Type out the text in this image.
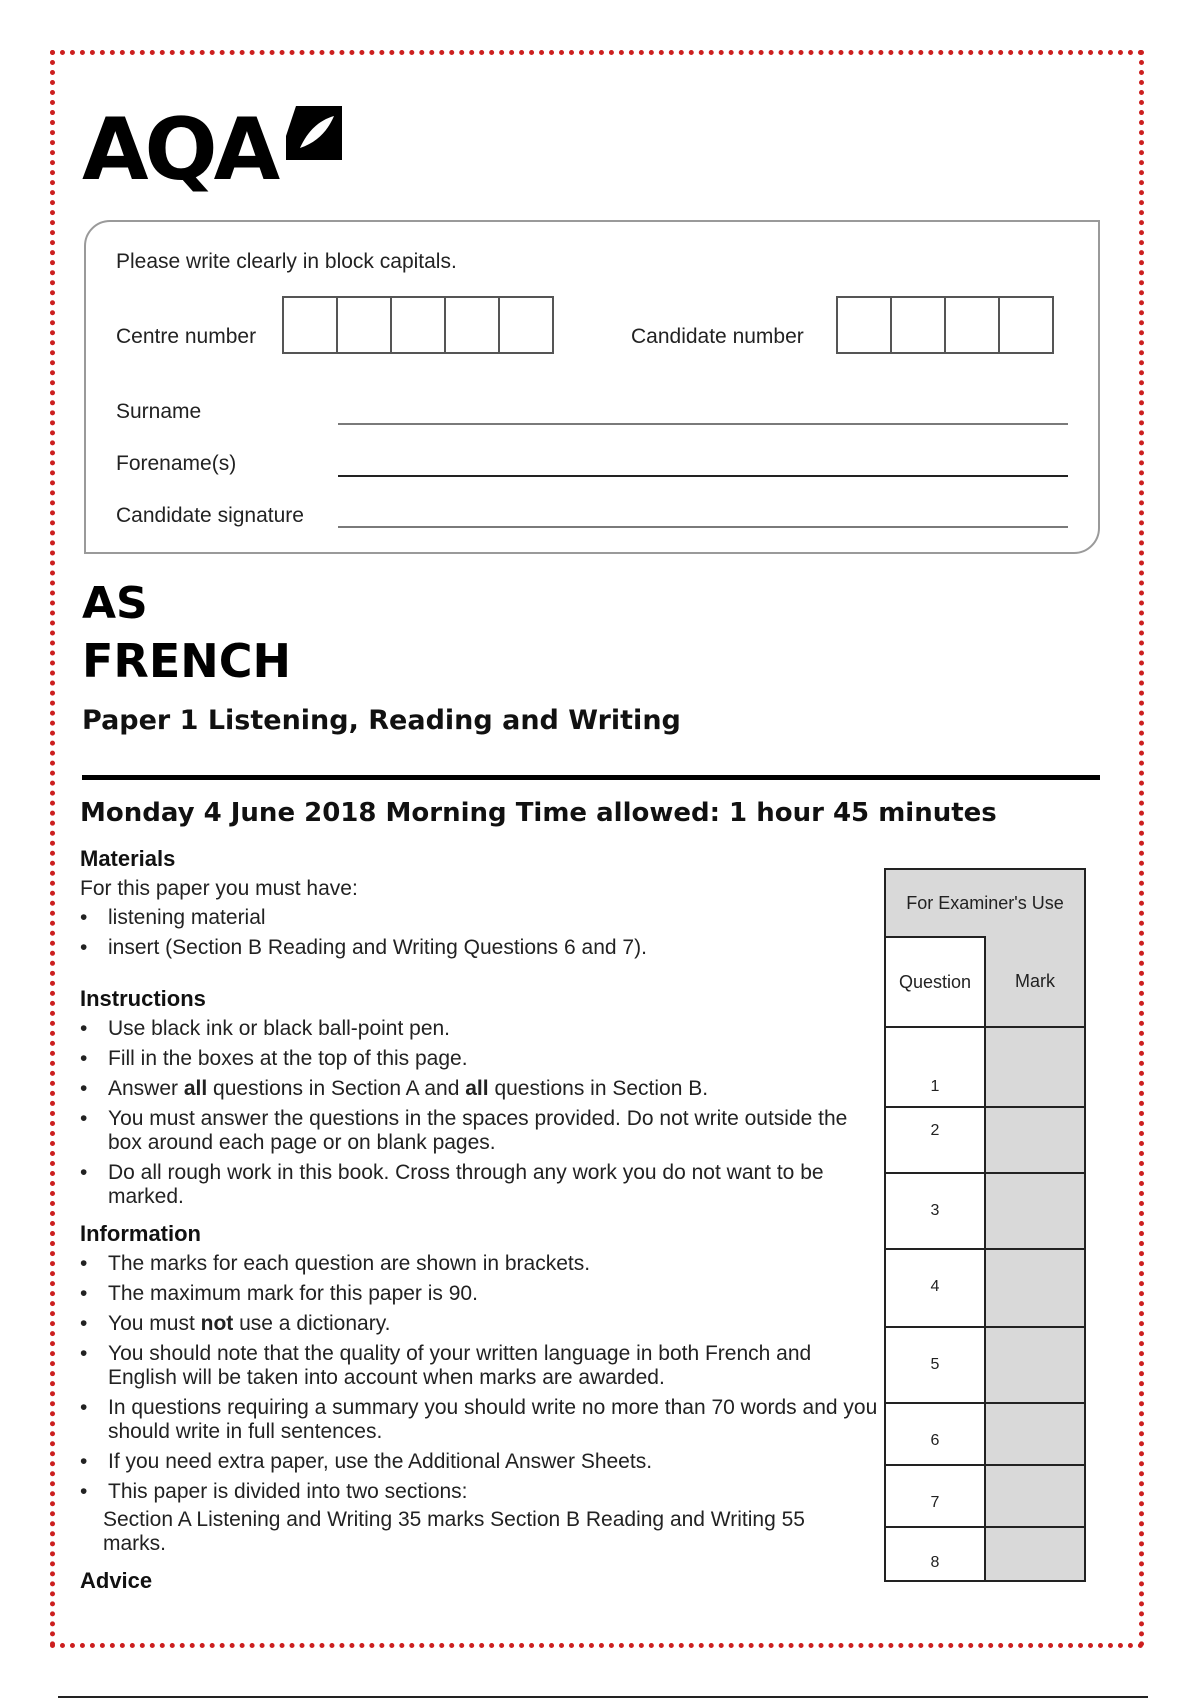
AQA
Please write clearly in block capitals.
Centre number	Candidate number
Surname
Forename(s)
Candidate signature
AS
FRENCH
Paper 1 Listening, Reading and Writing
Monday 4 June 2018 Morning Time allowed: 1 hour 45 minutes
Materials
For this paper you must have:
• listening material
• insert (Section B Reading and Writing Questions 6 and 7).
Instructions
• Use black ink or black ball-point pen.
• Fill in the boxes at the top of this page.
• Answer all questions in Section A and all questions in Section B.
• You must answer the questions in the spaces provided. Do not write outside the box around each page or on blank pages.
• Do all rough work in this book. Cross through any work you do not want to be marked.
Information
• The marks for each question are shown in brackets.
• The maximum mark for this paper is 90.
• You must not use a dictionary.
• You should note that the quality of your written language in both French and English will be taken into account when marks are awarded.
• In questions requiring a summary you should write no more than 70 words and you should write in full sentences.
• If you need extra paper, use the Additional Answer Sheets.
• This paper is divided into two sections:
Section A Listening and Writing 35 marks Section B Reading and Writing 55 marks.
Advice
For Examiner's Use
Question	Mark
1
2
3
4
5
6
7
8
